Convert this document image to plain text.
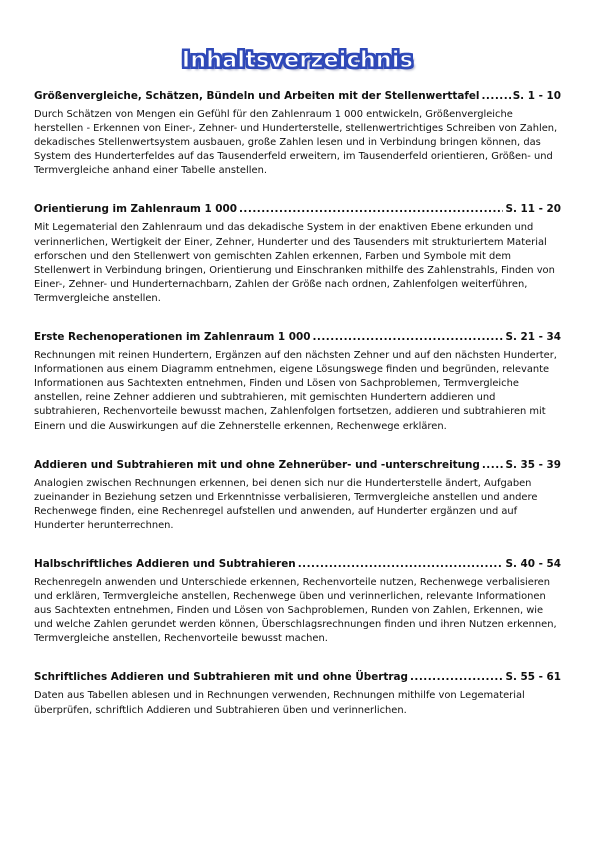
Inhaltsverzeichnis
Größenvergleiche, Schätzen, Bündeln und Arbeiten mit der Stellenwerttafel .....	S. 1 - 10

Durch Schätzen von Mengen ein Gefühl für den Zahlenraum 1 000 entwickeln, Größenvergleiche herstellen - Erkennen von Einer-, Zehner- und Hunderterstelle, stellenwertrichtiges Schreiben von Zahlen, dekadisches Stellenwertsystem ausbauen, große Zahlen lesen und in Verbindung bringen können, das System des Hunderterfeldes auf das Tausenderfeld erweitern, im Tausenderfeld orientieren, Größen- und Termvergleiche anhand einer Tabelle anstellen.

Orientierung im Zahlenraum 1 000 .....	S. 11 - 20

Mit Legematerial den Zahlenraum und das dekadische System in der enaktiven Ebene erkunden und verinnerlichen, Wertigkeit der Einer, Zehner, Hunderter und des Tausenders mit strukturiertem Material erforschen und den Stellenwert von gemischten Zahlen erkennen, Farben und Symbole mit dem Stellenwert in Verbindung bringen, Orientierung und Einschranken mithilfe des Zahlenstrahls, Finden von Einer-, Zehner- und Hunderternachbarn, Zahlen der Größe nach ordnen, Zahlenfolgen weiterführen, Termvergleiche anstellen.

Erste Rechenoperationen im Zahlenraum 1 000 .....	S. 21 - 34

Rechnungen mit reinen Hundertern, Ergänzen auf den nächsten Zehner und auf den nächsten Hunderter, Informationen aus einem Diagramm entnehmen, eigene Lösungswege finden und begründen, relevante Informationen aus Sachtexten entnehmen, Finden und Lösen von Sachproblemen, Termvergleiche anstellen, reine Zehner addieren und subtrahieren, mit gemischten Hundertern addieren und subtrahieren, Rechenvorteile bewusst machen, Zahlenfolgen fortsetzen, addieren und subtrahieren mit Einern und die Auswirkungen auf die Zehnerstelle erkennen, Rechenwege erklären.

Addieren und Subtrahieren mit und ohne Zehnerüber- und -unterschreitung ..... S. 35 - 39

Analogien zwischen Rechnungen erkennen, bei denen sich nur die Hunderterstelle ändert, Aufgaben zueinander in Beziehung setzen und Erkenntnisse verbalisieren, Termvergleiche anstellen und andere Rechenwege finden, eine Rechenregel aufstellen und anwenden, auf Hunderter ergänzen und auf Hunderter herunterrechnen.

Halbschriftliches Addieren und Subtrahieren .....	S. 40 - 54

Rechenregeln anwenden und Unterschiede erkennen, Rechenvorteile nutzen, Rechenwege verbalisieren und erklären, Termvergleiche anstellen, Rechenwege üben und verinnerlichen, relevante Informationen aus Sachtexten entnehmen, Finden und Lösen von Sachproblemen, Runden von Zahlen, Erkennen, wie und welche Zahlen gerundet werden können, Überschlagsrechnungen finden und ihren Nutzen erkennen, Termvergleiche anstellen, Rechenvorteile bewusst machen.

Schriftliches Addieren und Subtrahieren mit und ohne Übertrag .....	S. 55 - 61

Daten aus Tabellen ablesen und in Rechnungen verwenden, Rechnungen mithilfe von Legematerial überprüfen, schriftlich Addieren und Subtrahieren üben und verinnerlichen.
